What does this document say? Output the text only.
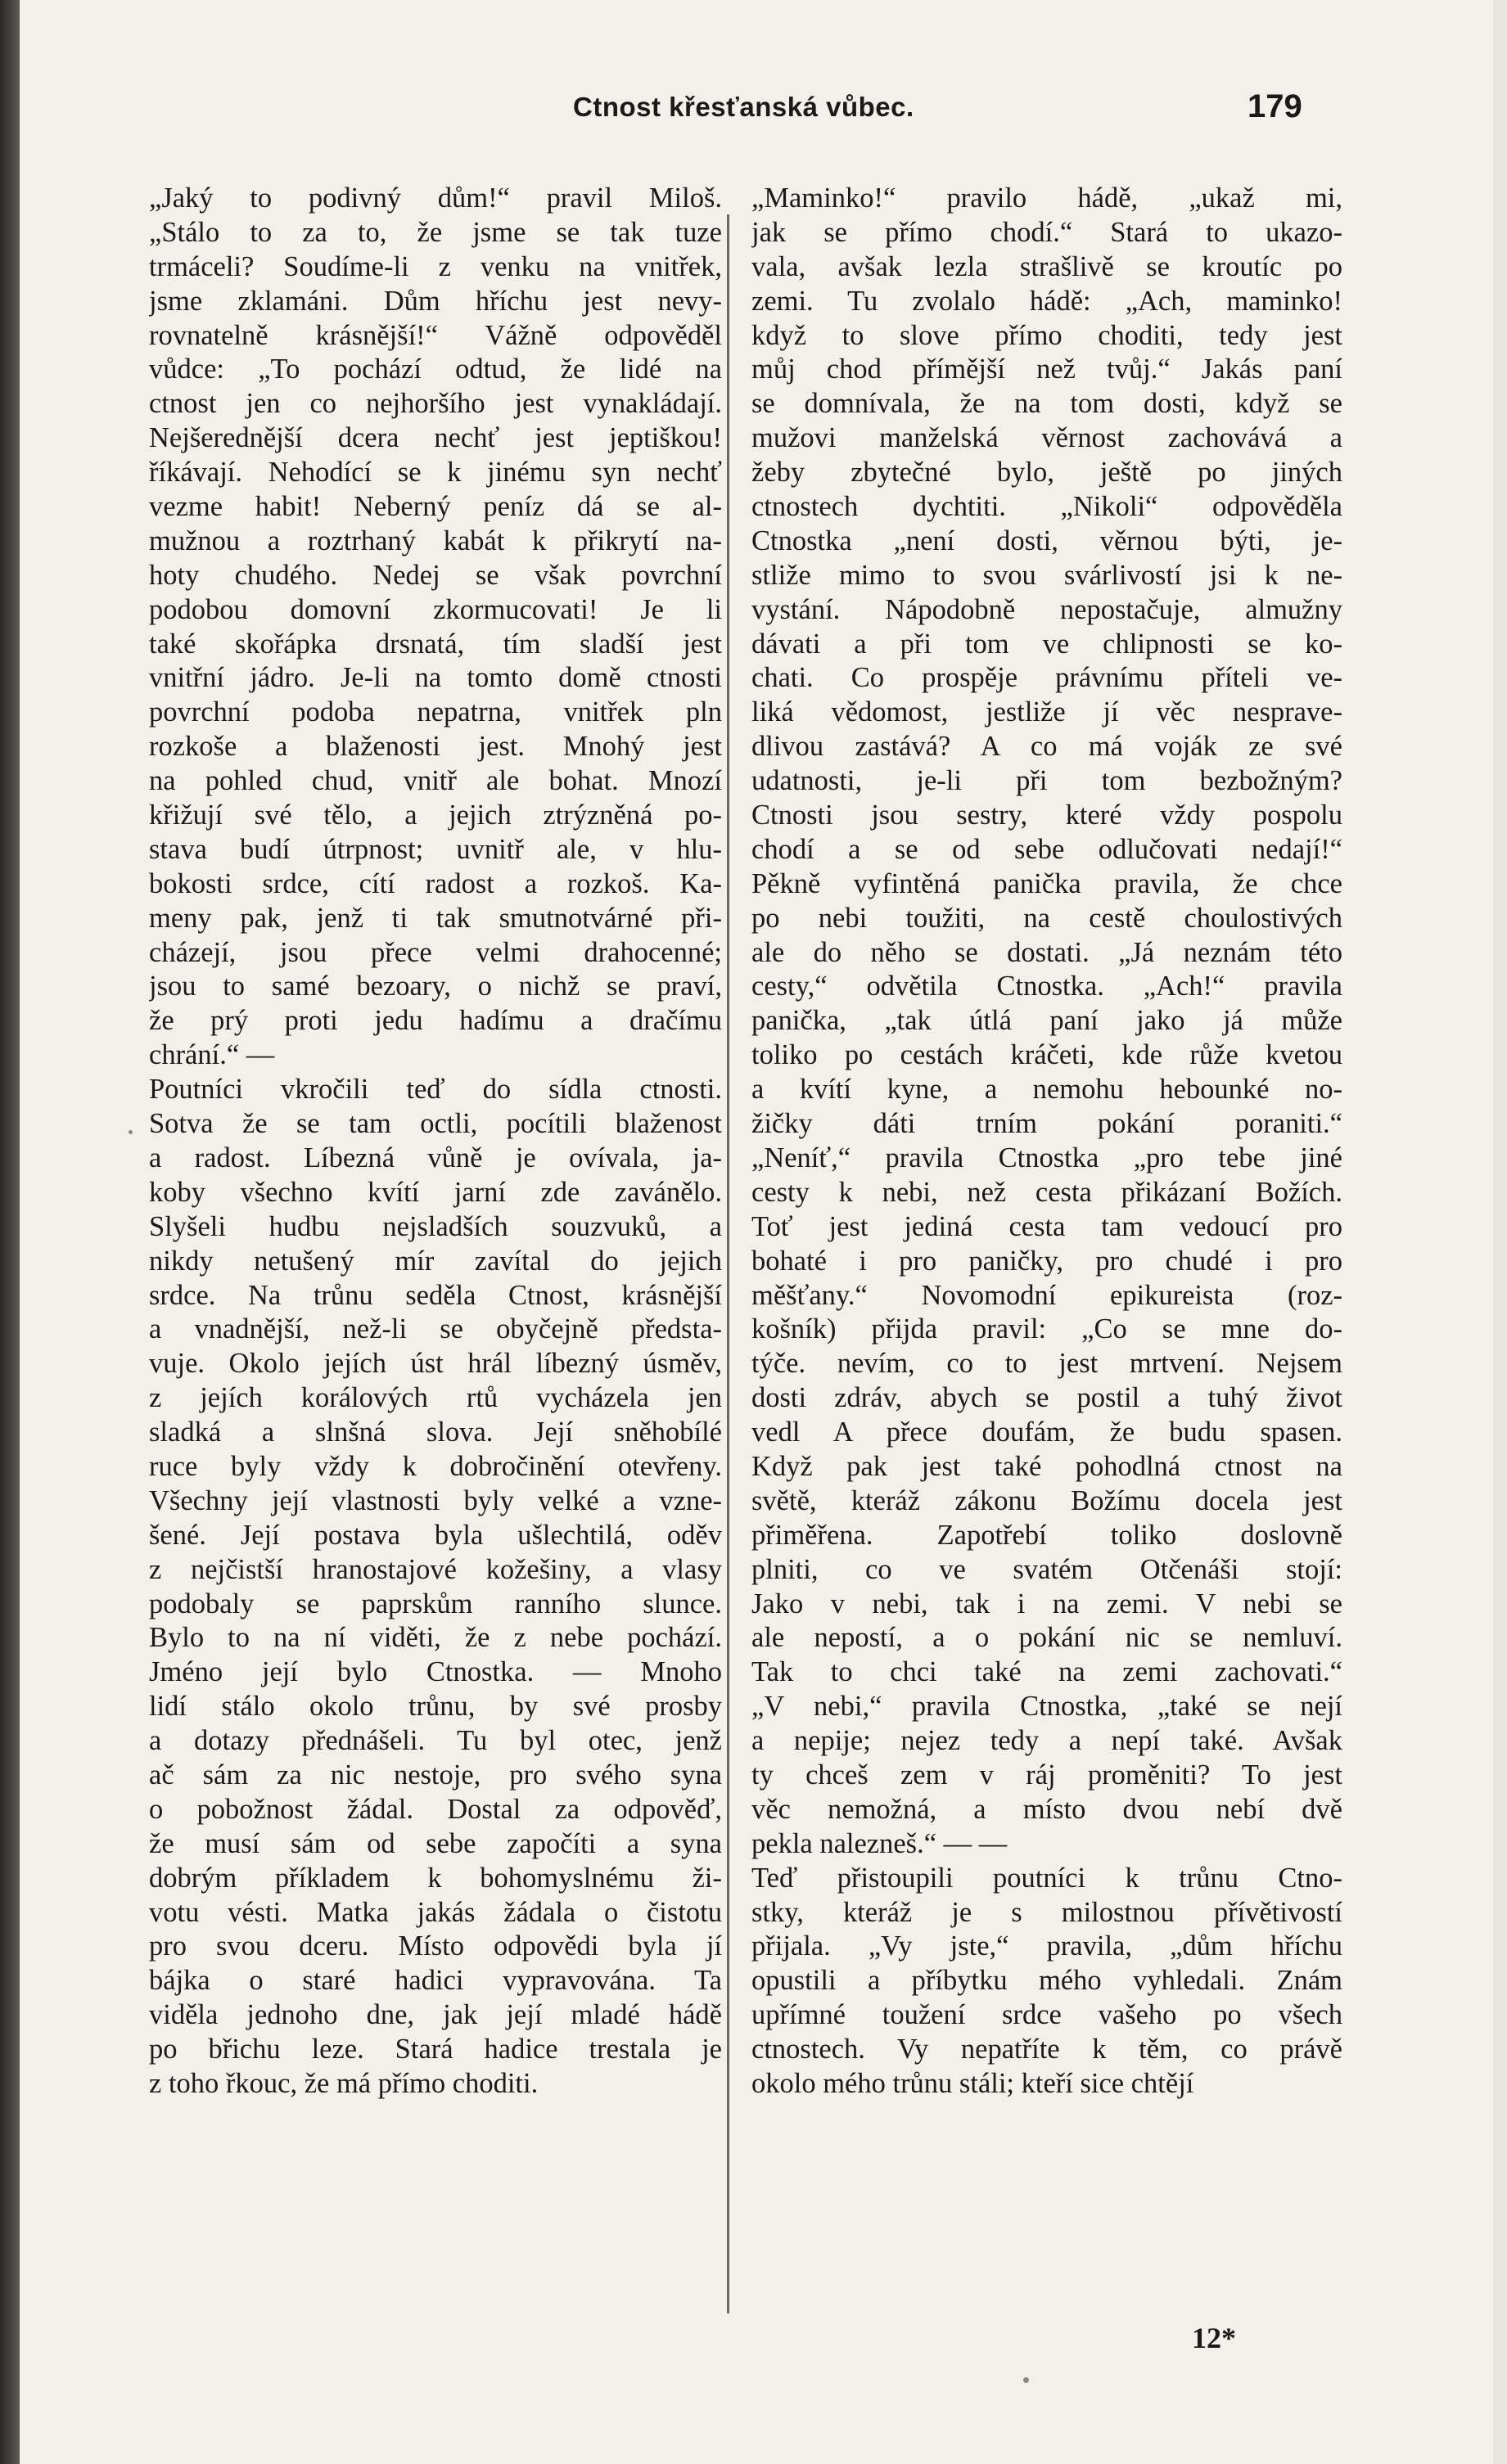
Ctnost křesťanská vůbec.	179
„Jaký to podivný dům!“ pravil Miloš.
„Stálo to za to, že jsme se tak tuze
trmáceli? Soudíme-li z venku na vnitřek,
jsme zklamáni. Dům hříchu jest nevy-
rovnatelně krásnější!“ Vážně odpověděl
vůdce: „To pochází odtud, že lidé na
ctnost jen co nejhoršího jest vynakládají.
Nejšerednější dcera nechť jest jeptiškou!
říkávají. Nehodící se k jinému syn nechť
vezme habit! Neberný peníz dá se al-
mužnou a roztrhaný kabát k přikrytí na-
hoty chudého. Nedej se však povrchní
podobou domovní zkormucovati! Je li
také skořápka drsnatá, tím sladší jest
vnitřní jádro. Je-li na tomto domě ctnosti
povrchní podoba nepatrna, vnitřek pln
rozkoše a blaženosti jest. Mnohý jest
na pohled chud, vnitř ale bohat. Mnozí
křižují své tělo, a jejich ztrýzněná po-
stava budí útrpnost; uvnitř ale, v hlu-
bokosti srdce, cítí radost a rozkoš. Ka-
meny pak, jenž ti tak smutnotvárné při-
cházejí, jsou přece velmi drahocenné;
jsou to samé bezoary, o nichž se praví,
že prý proti jedu hadímu a dračímu
chrání.“ —
Poutníci vkročili teď do sídla ctnosti.
Sotva že se tam octli, pocítili blaženost
a radost. Líbezná vůně je ovívala, ja-
koby všechno kvítí jarní zde zavánělo.
Slyšeli hudbu nejsladších souzvuků, a
nikdy netušený mír zavítal do jejich
srdce. Na trůnu seděla Ctnost, krásnější
a vnadnější, než-li se obyčejně předsta-
vuje. Okolo jejích úst hrál líbezný úsměv,
z jejích korálových rtů vycházela jen
sladká a slnšná slova. Její sněhobílé
ruce byly vždy k dobročinění otevřeny.
Všechny její vlastnosti byly velké a vzne-
šené. Její postava byla ušlechtilá, oděv
z nejčistší hranostajové kožešiny, a vlasy
podobaly se paprskům ranního slunce.
Bylo to na ní viděti, že z nebe pochází.
Jméno její bylo Ctnostka. — Mnoho
lidí stálo okolo trůnu, by své prosby
a dotazy přednášeli. Tu byl otec, jenž
ač sám za nic nestoje, pro svého syna
o pobožnost žádal. Dostal za odpověď,
že musí sám od sebe započíti a syna
dobrým příkladem k bohomyslnému ži-
votu vésti. Matka jakás žádala o čistotu
pro svou dceru. Místo odpovědi byla jí
bájka o staré hadici vypravována. Ta
viděla jednoho dne, jak její mladé hádě
po břichu leze. Stará hadice trestala je
z toho řkouc, že má přímo choditi.
„Maminko!“ pravilo hádě, „ukaž mi,
jak se přímo chodí.“ Stará to ukazo-
vala, avšak lezla strašlivě se kroutíc po
zemi. Tu zvolalo hádě: „Ach, maminko!
když to slove přímo choditi, tedy jest
můj chod přímější než tvůj.“ Jakás paní
se domnívala, že na tom dosti, když se
mužovi manželská věrnost zachovává a
žeby zbytečné bylo, ještě po jiných
ctnostech dychtiti. „Nikoli“ odpověděla
Ctnostka „není dosti, věrnou býti, je-
stliže mimo to svou svárlivostí jsi k ne-
vystání. Nápodobně nepostačuje, almužny
dávati a při tom ve chlipnosti se ko-
chati. Co prospěje právnímu příteli ve-
liká vědomost, jestliže jí věc nesprave-
dlivou zastává? A co má voják ze své
udatnosti, je-li při tom bezbožným?
Ctnosti jsou sestry, které vždy pospolu
chodí a se od sebe odlučovati nedají!“
Pěkně vyfintěná panička pravila, že chce
po nebi toužiti, na cestě choulostivých
ale do něho se dostati. „Já neznám této
cesty,“ odvětila Ctnostka. „Ach!“ pravila
panička, „tak útlá paní jako já může
toliko po cestách kráčeti, kde růže kvetou
a kvítí kyne, a nemohu hebounké no-
žičky dáti trním pokání poraniti.“
„Neníť,“ pravila Ctnostka „pro tebe jiné
cesty k nebi, než cesta přikázaní Božích.
Toť jest jediná cesta tam vedoucí pro
bohaté i pro paničky, pro chudé i pro
měšťany.“ Novomodní epikureista (roz-
košník) přijda pravil: „Co se mne do-
týče. nevím, co to jest mrtvení. Nejsem
dosti zdráv, abych se postil a tuhý život
vedl A přece doufám, že budu spasen.
Když pak jest také pohodlná ctnost na
světě, kteráž zákonu Božímu docela jest
přiměřena. Zapotřebí toliko doslovně
plniti, co ve svatém Otčenáši stojí:
Jako v nebi, tak i na zemi. V nebi se
ale nepostí, a o pokání nic se nemluví.
Tak to chci také na zemi zachovati.“
„V nebi,“ pravila Ctnostka, „také se nejí
a nepije; nejez tedy a nepí také. Avšak
ty chceš zem v ráj proměniti? To jest
věc nemožná, a místo dvou nebí dvě
pekla naleznеš.“ — —
Teď přistoupili poutníci k trůnu Ctno-
stky, kteráž je s milostnou přívětivostí
přijala. „Vy jste,“ pravila, „dům hříchu
opustili a příbytku mého vyhledali. Znám
upřímné toužení srdce vašeho po všech
ctnostech. Vy nepatříte k těm, co právě
okolo mého trůnu stáli; kteří sice chtějí
12*
